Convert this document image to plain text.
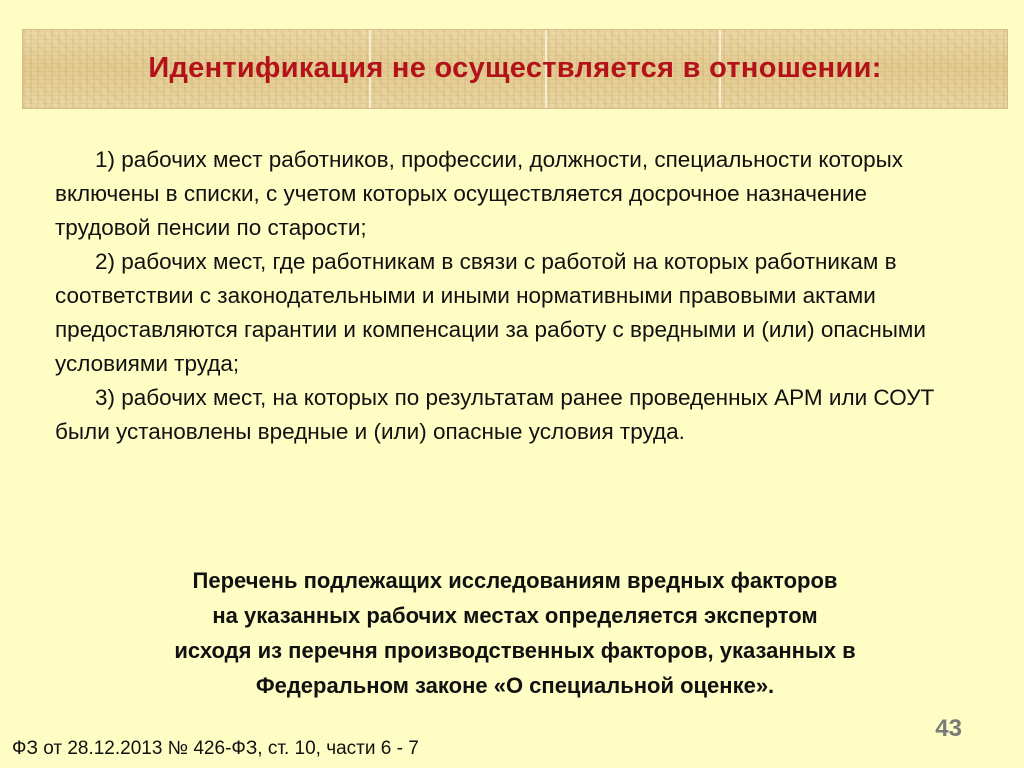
Идентификация не осуществляется в отношении:

1) рабочих мест работников, профессии, должности, специальности которых включены в списки, с учетом которых осуществляется досрочное назначение трудовой пенсии по старости;

2) рабочих мест, где работникам в связи с работой на которых работникам в соответствии с законодательными и иными нормативными правовыми актами предоставляются гарантии и компенсации за работу с вредными и (или) опасными условиями труда;

3) рабочих мест, на которых по результатам ранее проведенных АРМ или СОУТ были установлены вредные и (или) опасные условия труда.

Перечень подлежащих исследованиям вредных факторов
на указанных рабочих местах определяется экспертом
исходя из перечня производственных факторов, указанных в
Федеральном законе «О специальной оценке».
43
ФЗ от 28.12.2013 № 426-ФЗ, ст. 10, части 6 - 7
